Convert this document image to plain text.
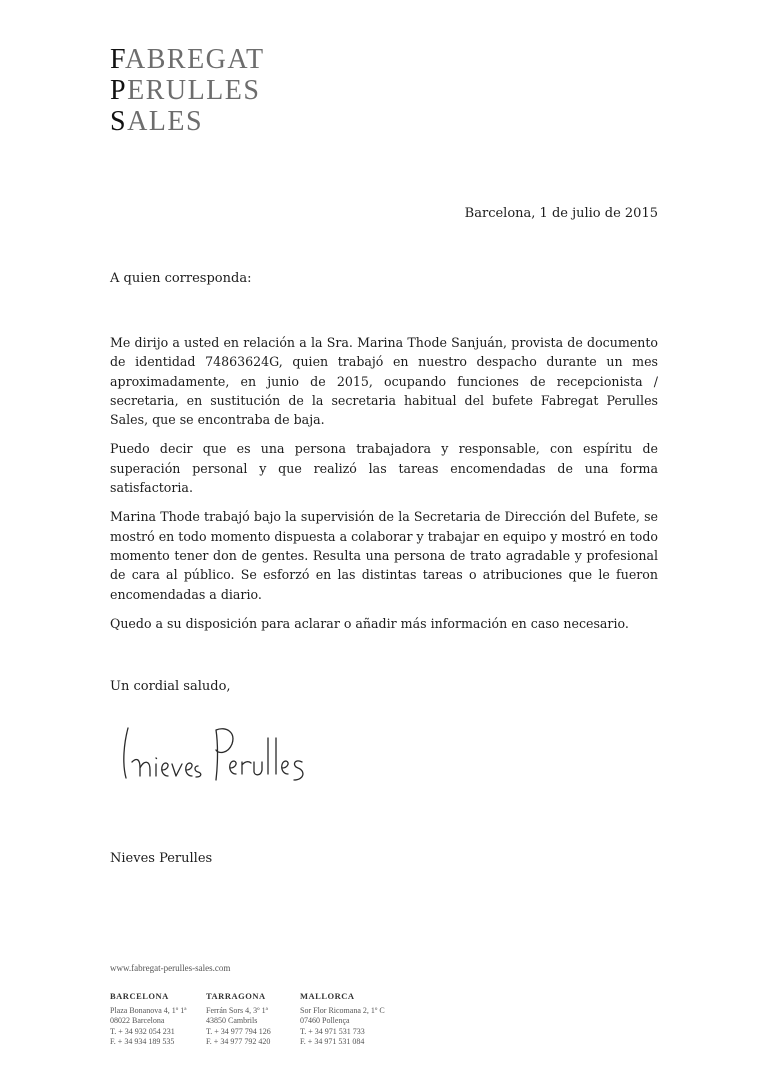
FABREGAT
PERULLES
SALES
Barcelona, 1 de julio de 2015
A quien corresponda:

Me dirijo a usted en relación a la Sra. Marina Thode Sanjuán, provista de documento de identidad 74863624G, quien trabajó en nuestro despacho durante un mes aproximadamente, en junio de 2015, ocupando funciones de recepcionista / secretaria, en sustitución de la secretaria habitual del bufete Fabregat Perulles Sales, que se encontraba de baja.

Puedo decir que es una persona trabajadora y responsable, con espíritu de superación personal y que realizó las tareas encomendadas de una forma satisfactoria.

Marina Thode trabajó bajo la supervisión de la Secretaria de Dirección del Bufete, se mostró en todo momento dispuesta a colaborar y trabajar en equipo y mostró en todo momento tener don de gentes. Resulta una persona de trato agradable y profesional de cara al público. Se esforzó en las distintas tareas o atribuciones que le fueron encomendadas a diario.

Quedo a su disposición para aclarar o añadir más información en caso necesario.

Un cordial saludo,
Nieves Perulles
www.fabregat-perulles-sales.com
BARCELONA
Plaza Bonanova 4, 1º 1ª
08022 Barcelona
T. + 34 932 054 231
F. + 34 934 189 535
TARRAGONA
Ferrán Sors 4, 3º 1ª
43850 Cambrils
T. + 34 977 794 126
F. + 34 977 792 420
MALLORCA
Sor Flor Ricomana 2, 1º C
07460 Pollença
T. + 34 971 531 733
F. + 34 971 531 084
